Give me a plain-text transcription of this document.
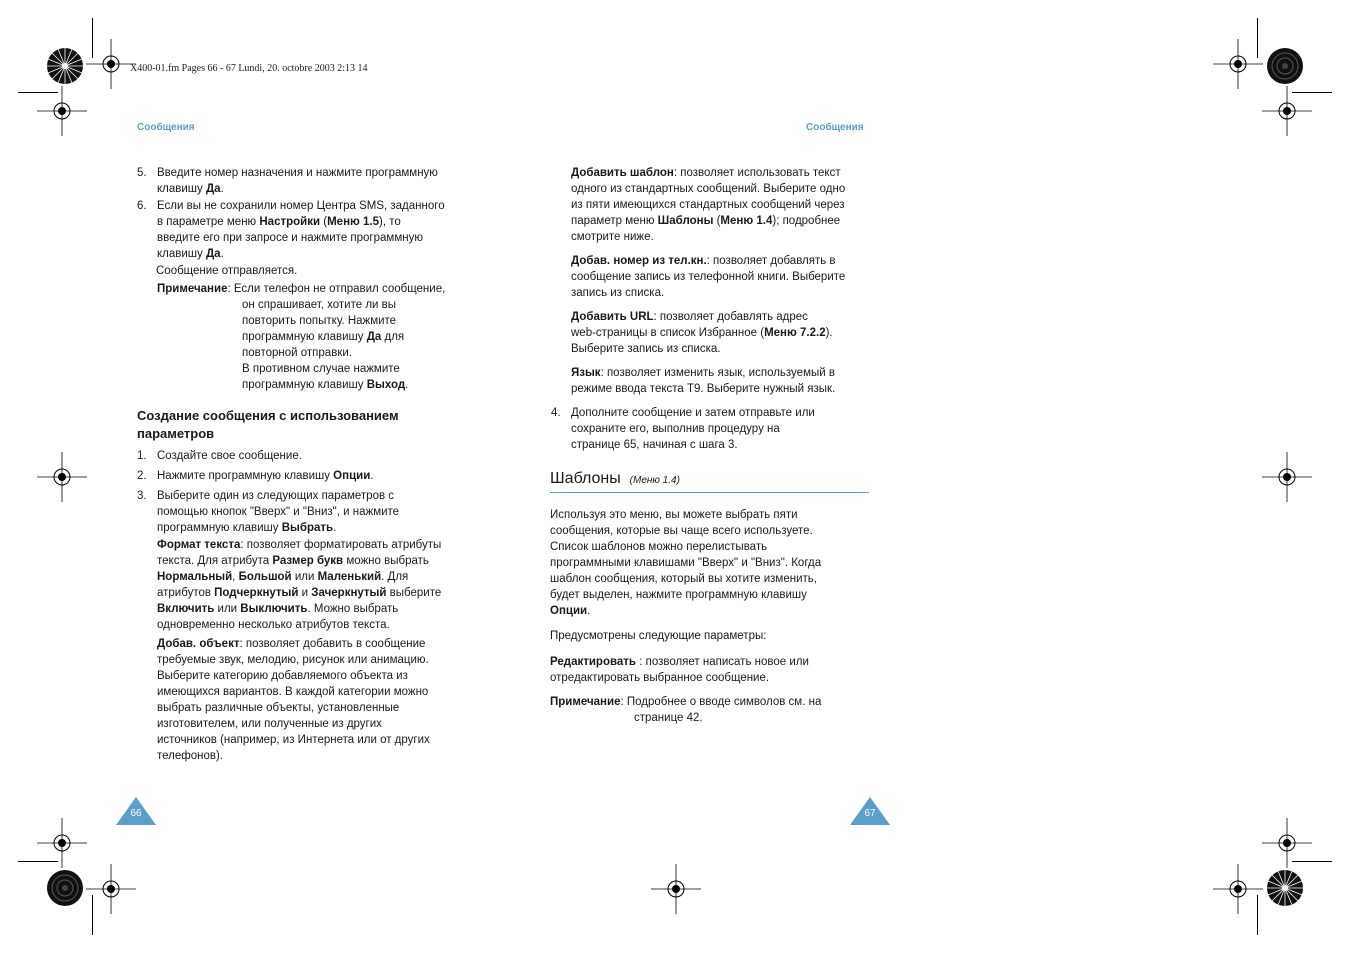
X400-01.fm Pages 66 - 67 Lundi, 20. octobre 2003 2:13 14
Сообщения
5. Введите номер назначения и нажмите программную
клавишу Да.
6. Если вы не сохранили номер Центра SMS, заданного
в параметре меню Настройки (Меню 1.5), то
введите его при запросе и нажмите программную
клавишу Да.
Сообщение отправляется.
Примечание: Если телефон не отправил сообщение,
он спрашивает, хотите ли вы
повторить попытку. Нажмите
программную клавишу Да для
повторной отправки.
В противном случае нажмите
программную клавишу Выход.
Создание сообщения с использованием
параметров
1. Создайте свое сообщение.
2. Нажмите программную клавишу Опции.
3. Выберите один из следующих параметров с
помощью кнопок "Вверх" и "Вниз", и нажмите
программную клавишу Выбрать.
Формат текста: позволяет форматировать атрибуты
текста. Для атрибута Размер букв можно выбрать
Нормальный, Большой или Маленький. Для
атрибутов Подчеркнутый и Зачеркнутый выберите
Включить или Выключить. Можно выбрать
одновременно несколько атрибутов текста.
Добав. объект: позволяет добавить в сообщение
требуемые звук, мелодию, рисунок или анимацию.
Выберите категорию добавляемого объекта из
имеющихся вариантов. В каждой категории можно
выбрать различные объекты, установленные
изготовителем, или полученные из других
источников (например, из Интернета или от других
телефонов).
66
Сообщения
Добавить шаблон: позволяет использовать текст
одного из стандартных сообщений. Выберите одно
из пяти имеющихся стандартных сообщений через
параметр меню Шаблоны (Меню 1.4); подробнее
смотрите ниже.
Добав. номер из тел.кн.: позволяет добавлять в
сообщение запись из телефонной книги. Выберите
запись из списка.
Добавить URL: позволяет добавлять адрес
web-страницы в список Избранное (Меню 7.2.2).
Выберите запись из списка.
Язык: позволяет изменить язык, используемый в
режиме ввода текста T9. Выберите нужный язык.
4. Дополните сообщение и затем отправьте или
сохраните его, выполнив процедуру на
странице 65, начиная с шага 3.
Шаблоны (Меню 1.4)
Используя это меню, вы можете выбрать пяти
сообщения, которые вы чаще всего используете.
Список шаблонов можно перелистывать
программными клавишами "Вверх" и "Вниз". Когда
шаблон сообщения, который вы хотите изменить,
будет выделен, нажмите программную клавишу
Опции.
Предусмотрены следующие параметры:
Редактировать : позволяет написать новое или
отредактировать выбранное сообщение.
Примечание: Подробнее о вводе символов см. на
странице 42.
67
